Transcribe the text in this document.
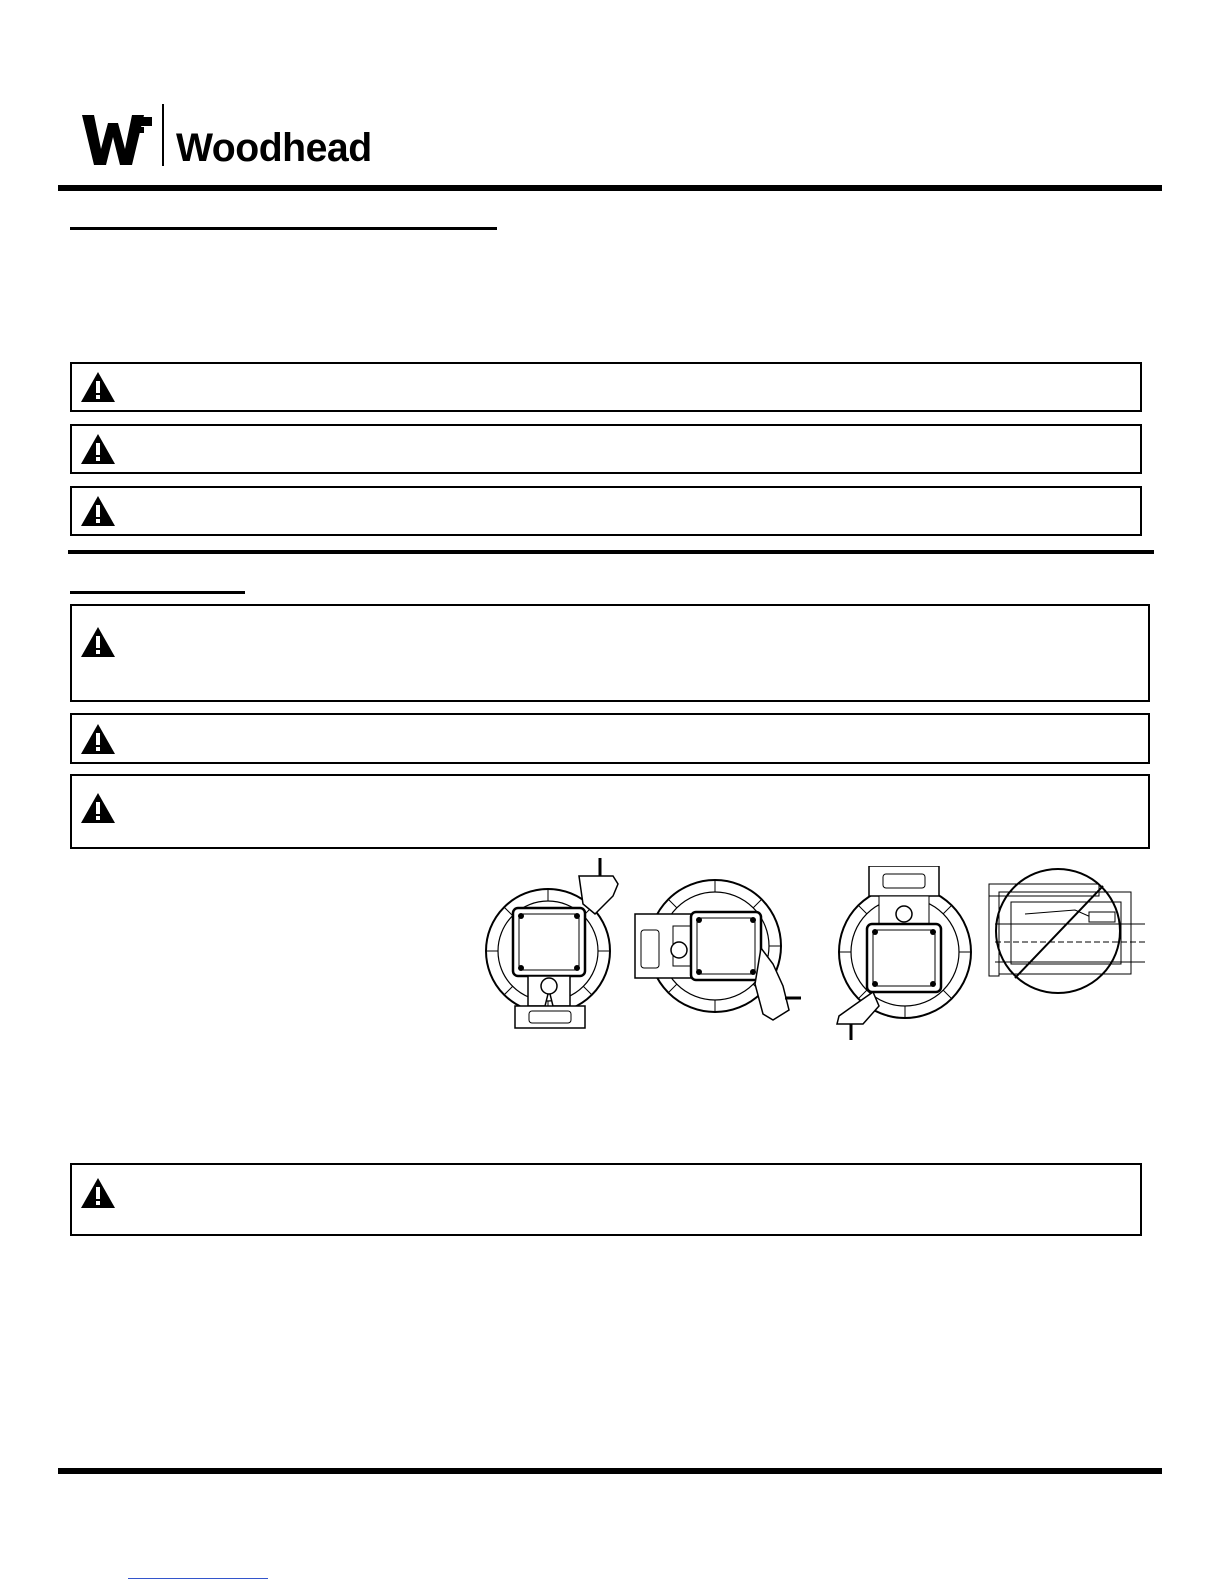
Woodhead
